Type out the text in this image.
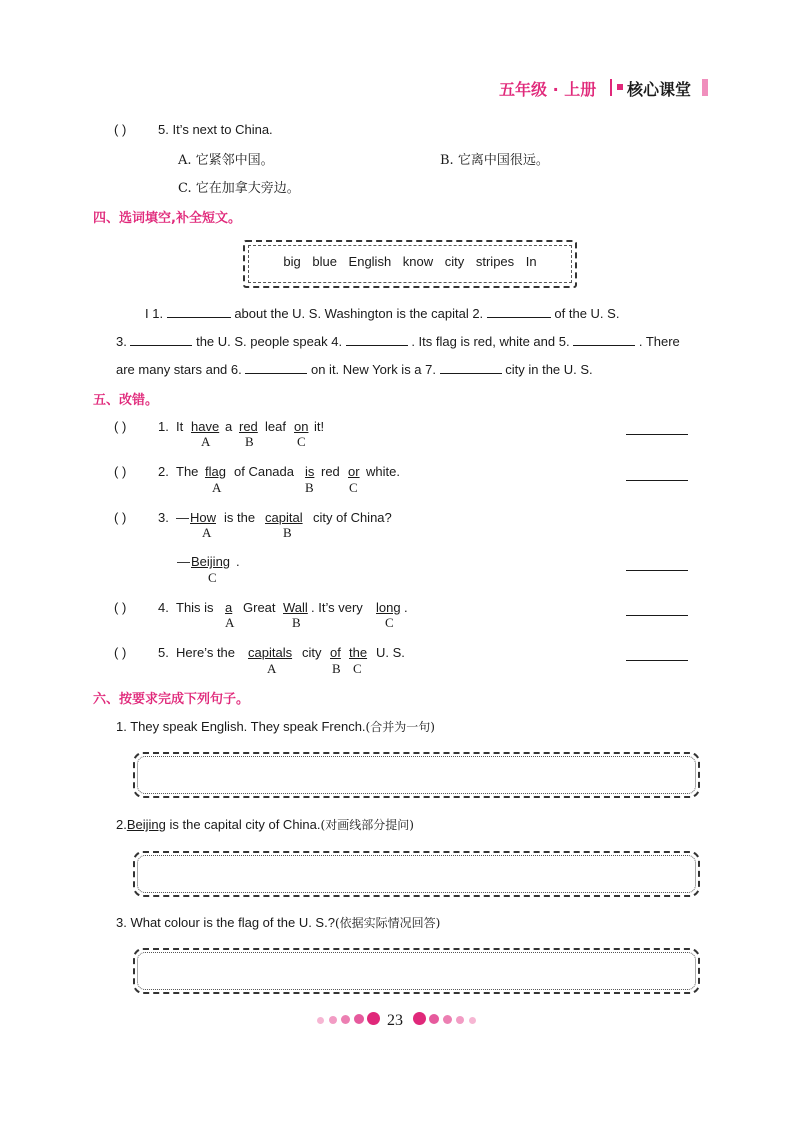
五年级 · 上册 核心课堂
( ) 5. It’s next to China.
A. 它紧邻中国。	B. 它离中国很远。
C. 它在加拿大旁边。
四、选词填空,补全短文。
big blue English know city stripes In
I 1.	about the U. S. Washington is the capital 2.	of the U. S.
3.	the U. S. people speak 4.	. Its flag is red, white and 5.	. There
are many stars and 6.	on it. New York is a 7.	city in the U. S.
五、改错。
( ) 1. It have a red leaf on it!
A	B	C
( ) 2. The flag of Canada is red or white.
A	B	C
( ) 3. — How is the capital city of China?
A	B
— Beijing .
C
( ) 4. This is a Great Wall . It’s very long .
A	B	C
( ) 5. Here’s the capitals city of the U. S.
A	B C
六、按要求完成下列句子。
1. They speak English. They speak French.(合并为一句)
2.Beijing is the capital city of China.(对画线部分提问)
3. What colour is the flag of the U. S.?(依据实际情况回答)
23
